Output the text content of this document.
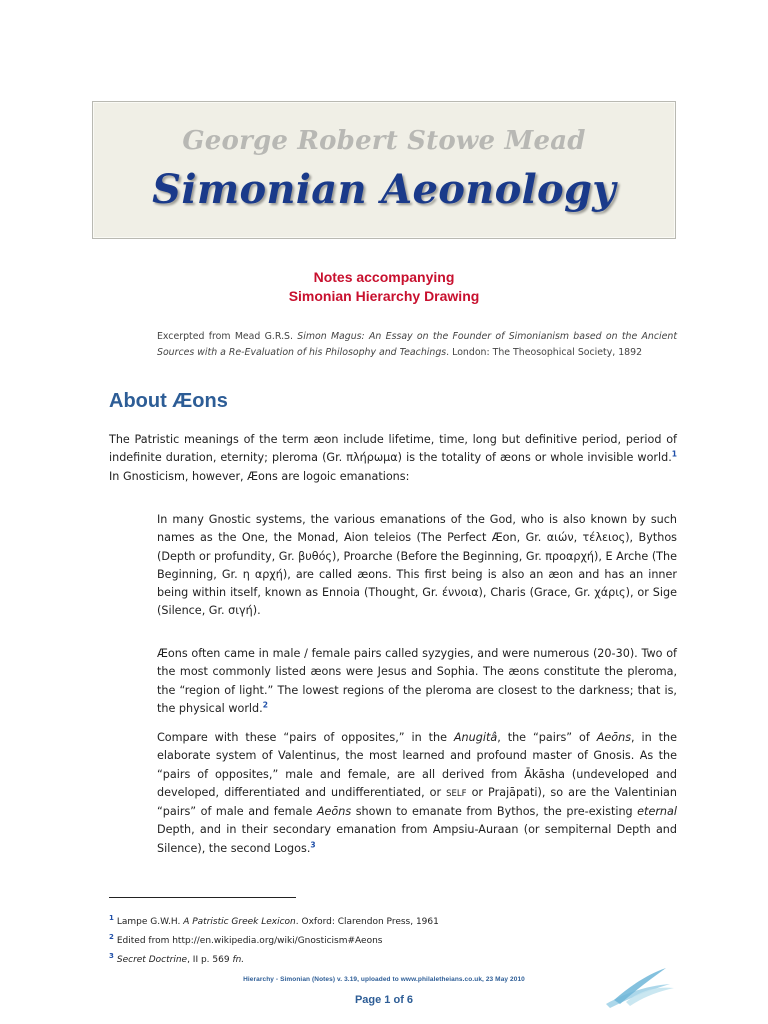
George Robert Stowe Mead
Simonian Aeonology
Notes accompanying
Simonian Hierarchy Drawing
Excerpted from Mead G.R.S. Simon Magus: An Essay on the Founder of Simonianism based on the Ancient Sources with a Re-Evaluation of his Philosophy and Teachings. London: The Theosophical Society, 1892
About Æons
The Patristic meanings of the term æon include lifetime, time, long but definitive period, period of indefinite duration, eternity; pleroma (Gr. πλήρωμα) is the totality of æons or whole invisible world.$^1$ In Gnosticism, however, Æons are logoic emanations:
In many Gnostic systems, the various emanations of the God, who is also known by such names as the One, the Monad, Aion teleios (The Perfect Æon, Gr. αιών, τέλειος), Bythos (Depth or profundity, Gr. βυθός), Proarche (Before the Beginning, Gr. προαρχή), E Arche (The Beginning, Gr. η αρχή), are called æons. This first being is also an æon and has an inner being within itself, known as Ennoia (Thought, Gr. έννοια), Charis (Grace, Gr. χάρις), or Sige (Silence, Gr. σιγή).
Æons often came in male / female pairs called syzygies, and were numerous (20-30). Two of the most commonly listed æons were Jesus and Sophia. The æons constitute the pleroma, the “region of light.” The lowest regions of the pleroma are closest to the darkness; that is, the physical world.$^2$
Compare with these “pairs of opposites,” in the Anugitâ, the “pairs” of Aeōns, in the elaborate system of Valentinus, the most learned and profound master of Gnosis. As the “pairs of opposites,” male and female, are all derived from Ākāsha (undeveloped and developed, differentiated and undifferentiated, or SELF or Prajāpati), so are the Valentinian “pairs” of male and female Aeōns shown to emanate from Bythos, the pre-existing eternal Depth, and in their secondary emanation from Ampsiu-Auraan (or sempiternal Depth and Silence), the second Logos.$^3$
$^1$ Lampe G.W.H. A Patristic Greek Lexicon. Oxford: Clarendon Press, 1961
$^2$ Edited from http://en.wikipedia.org/wiki/Gnosticism#Aeons
$^3$ Secret Doctrine, II p. 569 fn.
Hierarchy - Simonian (Notes) v. 3.19, uploaded to www.philaletheians.co.uk, 23 May 2010
Page 1 of 6
